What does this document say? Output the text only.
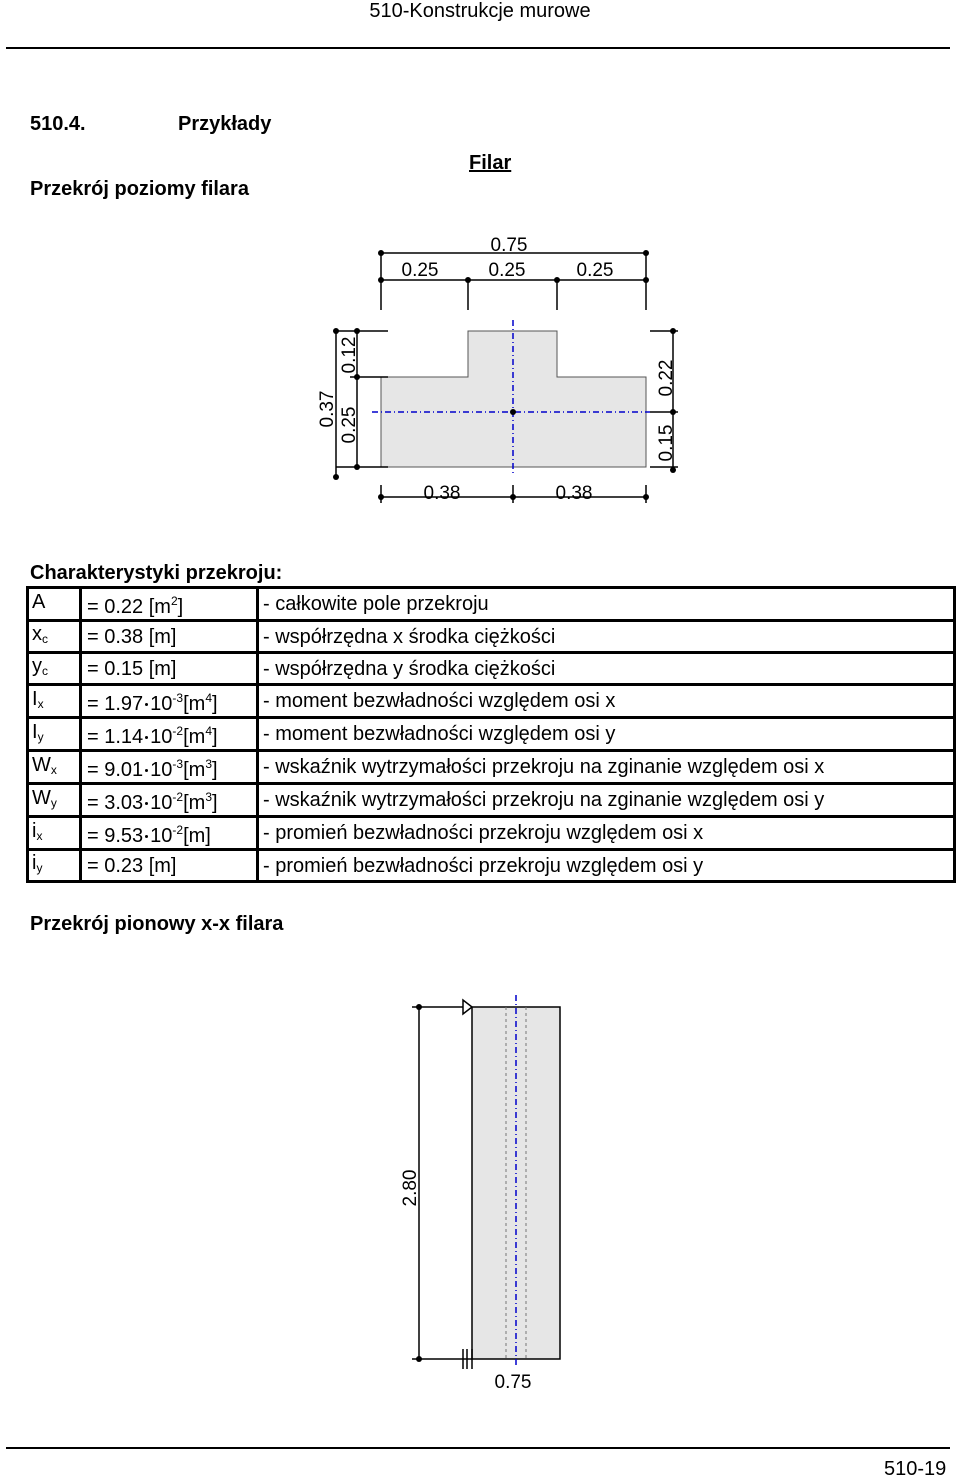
510-Konstrukcje murowe
510.4.	Przykłady
Filar
Przekrój poziomy filara
0.75
0.25	0.25	0.25
0.38	0.38
0.37 0.25
0.12
0.15
0.22
Charakterystyki przekroju:
A	= 0.22 $[m^2]$	- całkowite pole przekroju
$x_c$	= 0.38 [m]	- współrzędna x środka ciężkości
$y_c$	= 0.15 [m]	- współrzędna y środka ciężkości
$I_x$	= 1.97 $10^{-3}[m^4]$	- moment bezwładności względem osi x
$I_y$	= 1.14 $10^{-2}[m^4]$	- moment bezwładności względem osi y
$W_x$	= 9.01 $10^{-3}[m^3]$	- wskaźnik wytrzymałości przekroju na zginanie względem osi x
$W_y$	= 3.03 $10^{-2}[m^3]$	- wskaźnik wytrzymałości przekroju na zginanie względem osi y
$i_x$	= 9.53 $10^{-2}[m]$	- promień bezwładności przekroju względem osi x
$i_y$	= 0.23 [m]	- promień bezwładności przekroju względem osi y
Przekrój pionowy x-x filara
2.80
0.75
510-19
